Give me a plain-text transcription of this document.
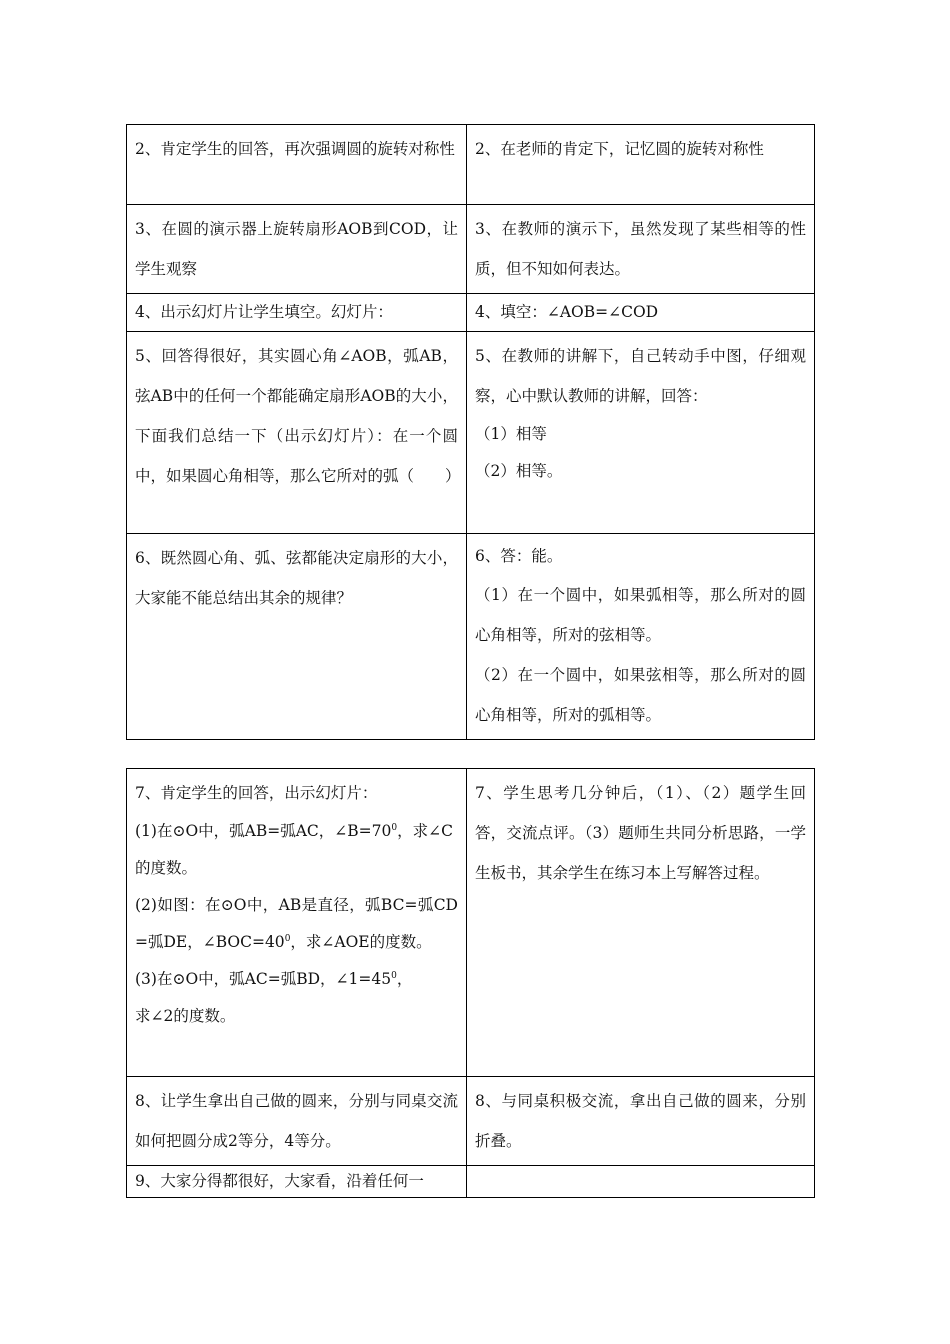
2、肯定学生的回答，再次强调圆的旋转对称性	2、在老师的肯定下，记忆圆的旋转对称性

3、在圆的演示器上旋转扇形AOB到COD，让学生观察	3、在教师的演示下，虽然发现了某些相等的性质，但不知如何表达。

4、出示幻灯片让学生填空。幻灯片：	4、填空：∠AOB=∠COD

5、回答得很好，其实圆心角∠AOB，弧AB，弦AB中的任何一个都能确定扇形AOB的大小，下面我们总结一下（出示幻灯片）：在一个圆中，如果圆心角相等，那么它所对的弧（　　）	5、在教师的讲解下，自己转动手中图，仔细观察，心中默认教师的讲解，回答：

（1）相等

（2）相等。

6、既然圆心角、弧、弦都能决定扇形的大小，大家能不能总结出其余的规律？	6、答：能。

（1）在一个圆中，如果弧相等，那么所对的圆心角相等，所对的弦相等。

（2）在一个圆中，如果弦相等，那么所对的圆心角相等，所对的弧相等。

7、肯定学生的回答，出示幻灯片：

(1)在⊙O中，弧AB=弧AC，$\angle B=70^0$，求∠C的度数。

(2)如图：在⊙O中，AB是直径，弧BC=弧CD=弧DE，$\angle BOC=40^0$，求∠AOE的度数。

(3)在⊙O中，弧AC=弧BD，$\angle 1=45^0$，

求∠2的度数。	7、学生思考几分钟后，（1）、（2）题学生回答，交流点评。（3）题师生共同分析思路，一学生板书，其余学生在练习本上写解答过程。

8、让学生拿出自己做的圆来，分别与同桌交流如何把圆分成2等分，4等分。	8、与同桌积极交流，拿出自己做的圆来，分别折叠。

9、大家分得都很好，大家看，沿着任何一	
